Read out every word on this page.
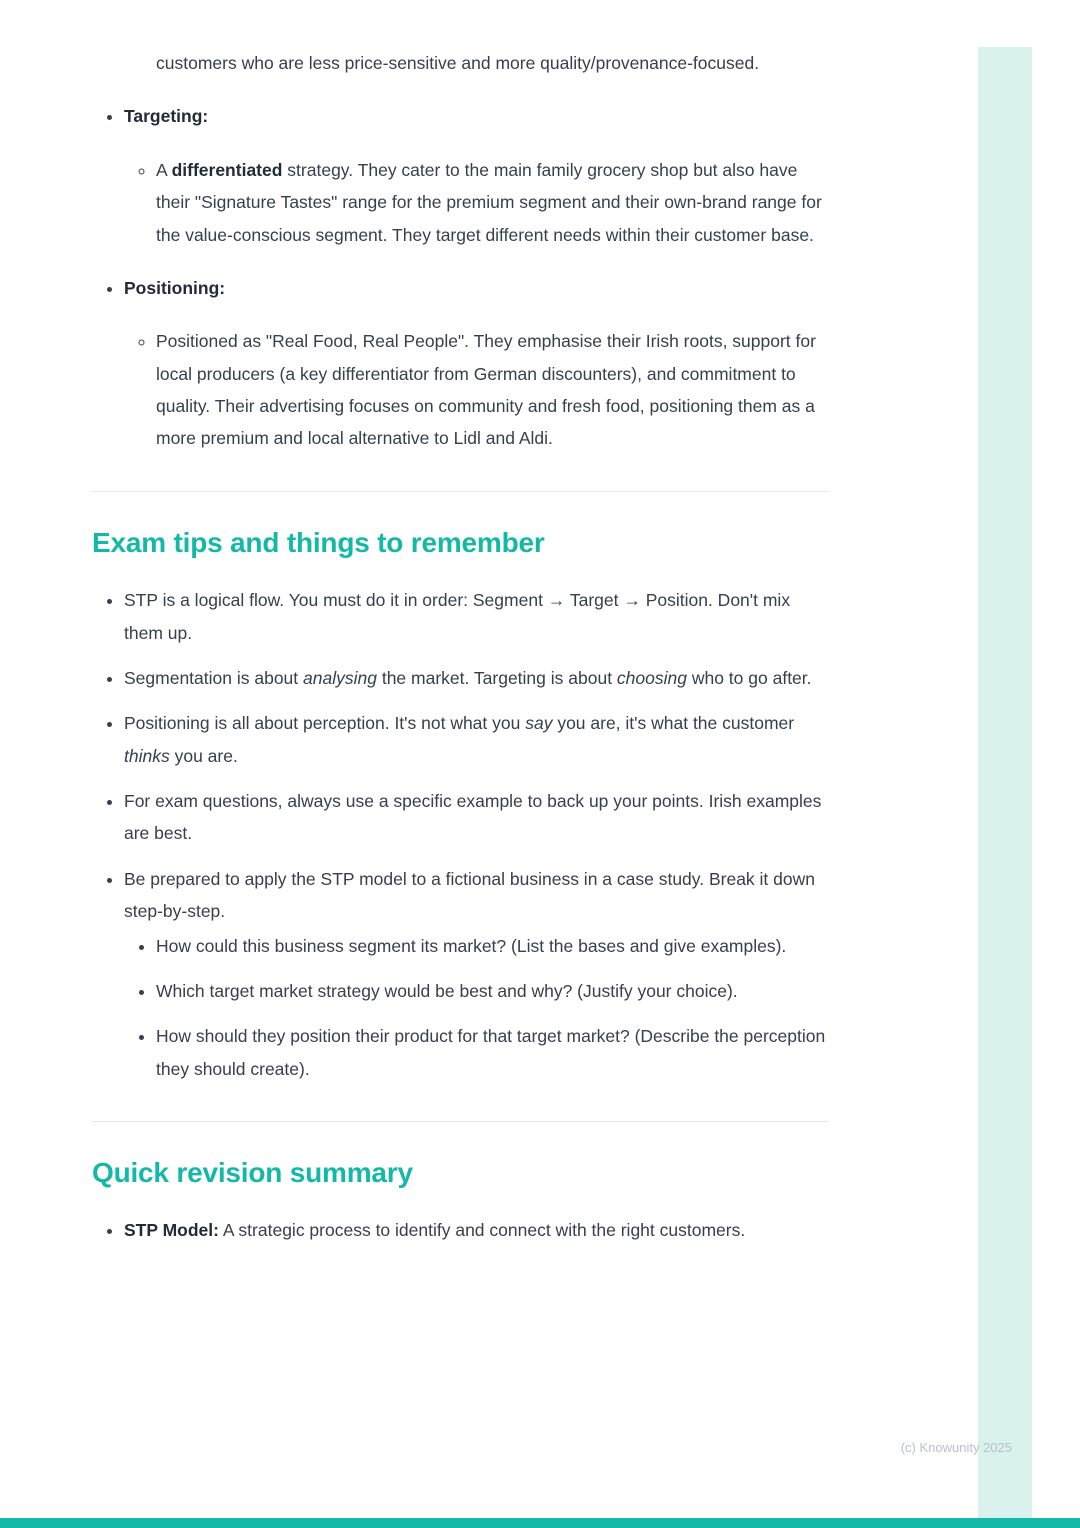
customers who are less price-sensitive and more quality/provenance-focused.

• Targeting:
◦ A differentiated strategy. They cater to the main family grocery shop but also have their "Signature Tastes" range for the premium segment and their own-brand range for the value-conscious segment. They target different needs within their customer base.
• Positioning:
◦ Positioned as "Real Food, Real People". They emphasise their Irish roots, support for local producers (a key differentiator from German discounters), and commitment to quality. Their advertising focuses on community and fresh food, positioning them as a more premium and local alternative to Lidl and Aldi.
Exam tips and things to remember
• STP is a logical flow. You must do it in order: Segment → Target → Position. Don't mix them up.
• Segmentation is about analysing the market. Targeting is about choosing who to go after.
• Positioning is all about perception. It's not what you say you are, it's what the customer thinks you are.
• For exam questions, always use a specific example to back up your points. Irish examples are best.
• Be prepared to apply the STP model to a fictional business in a case study. Break it down step-by-step.
• How could this business segment its market? (List the bases and give examples).
• Which target market strategy would be best and why? (Justify your choice).
• How should they position their product for that target market? (Describe the perception they should create).
Quick revision summary
• STP Model: A strategic process to identify and connect with the right customers.
(c) Knowunity 2025
